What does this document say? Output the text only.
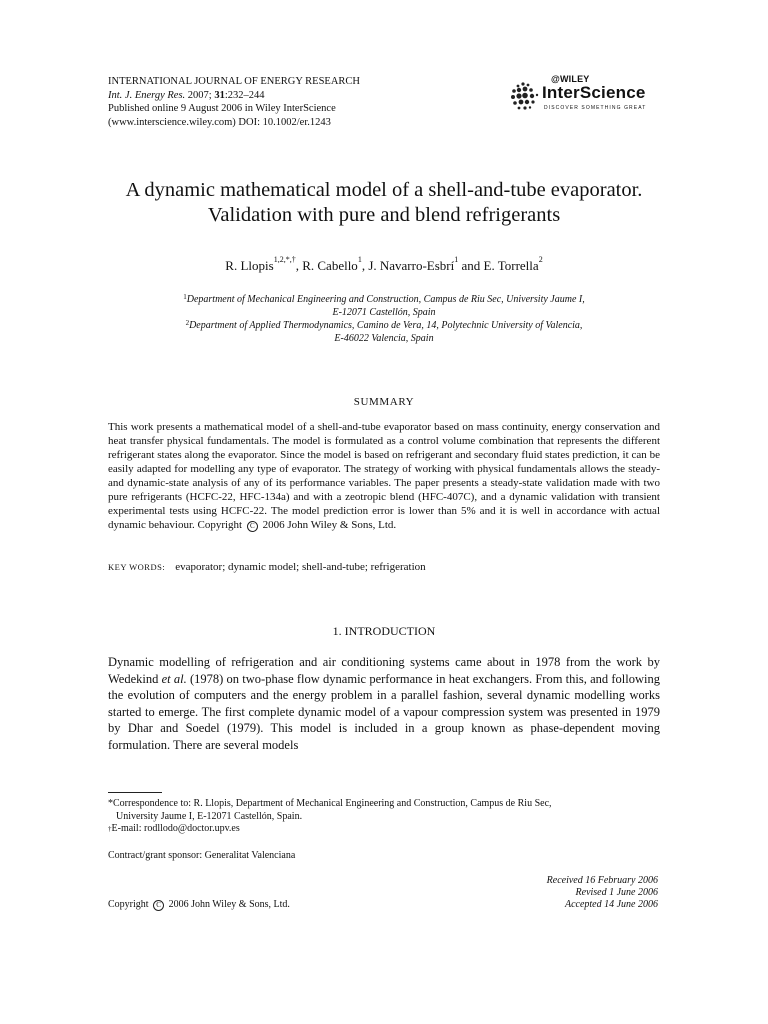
INTERNATIONAL JOURNAL OF ENERGY RESEARCH
Int. J. Energy Res. 2007; 31:232–244
Published online 9 August 2006 in Wiley InterScience
(www.interscience.wiley.com) DOI: 10.1002/er.1243
@WILEY
InterScience
DISCOVER SOMETHING GREAT
A dynamic mathematical model of a shell-and-tube evaporator.
Validation with pure and blend refrigerants
R. Llopis$^{1,2,*,\dagger}$, R. Cabello$^1$, J. Navarro-Esbrí$^1$ and E. Torrella$^2$
$^1$Department of Mechanical Engineering and Construction, Campus de Riu Sec, University Jaume I,
E-12071 Castellón, Spain
$^2$Department of Applied Thermodynamics, Camino de Vera, 14, Polytechnic University of Valencia,
E-46022 Valencia, Spain
SUMMARY
This work presents a mathematical model of a shell-and-tube evaporator based on mass continuity, energy conservation and heat transfer physical fundamentals. The model is formulated as a control volume combination that represents the different refrigerant states along the evaporator. Since the model is based on refrigerant and secondary fluid states prediction, it can be easily adapted for modelling any type of evaporator. The strategy of working with physical fundamentals allows the steady- and dynamic-state analysis of any of its performance variables. The paper presents a steady-state validation made with two pure refrigerants (HCFC-22, HFC-134a) and with a zeotropic blend (HFC-407C), and a dynamic validation with transient experimental tests using HCFC-22. The model prediction error is lower than 5% and it is well in accordance with actual dynamic behaviour. Copyright C 2006 John Wiley & Sons, Ltd.
KEY WORDS: evaporator; dynamic model; shell-and-tube; refrigeration
1. INTRODUCTION
Dynamic modelling of refrigeration and air conditioning systems came about in 1978 from the work by Wedekind et al. (1978) on two-phase flow dynamic performance in heat exchangers. From this, and following the evolution of computers and the energy problem in a parallel fashion, several dynamic modelling works started to emerge. The first complete dynamic model of a vapour compression system was presented in 1979 by Dhar and Soedel (1979). This model is included in a group known as phase-dependent moving formulation. There are several models
*Correspondence to: R. Llopis, Department of Mechanical Engineering and Construction, Campus de Riu Sec,
University Jaume I, E-12071 Castellón, Spain.
†E-mail: rodllodo@doctor.upv.es
Contract/grant sponsor: Generalitat Valenciana
Received 16 February 2006
Revised 1 June 2006
Accepted 14 June 2006
Copyright C 2006 John Wiley & Sons, Ltd.
